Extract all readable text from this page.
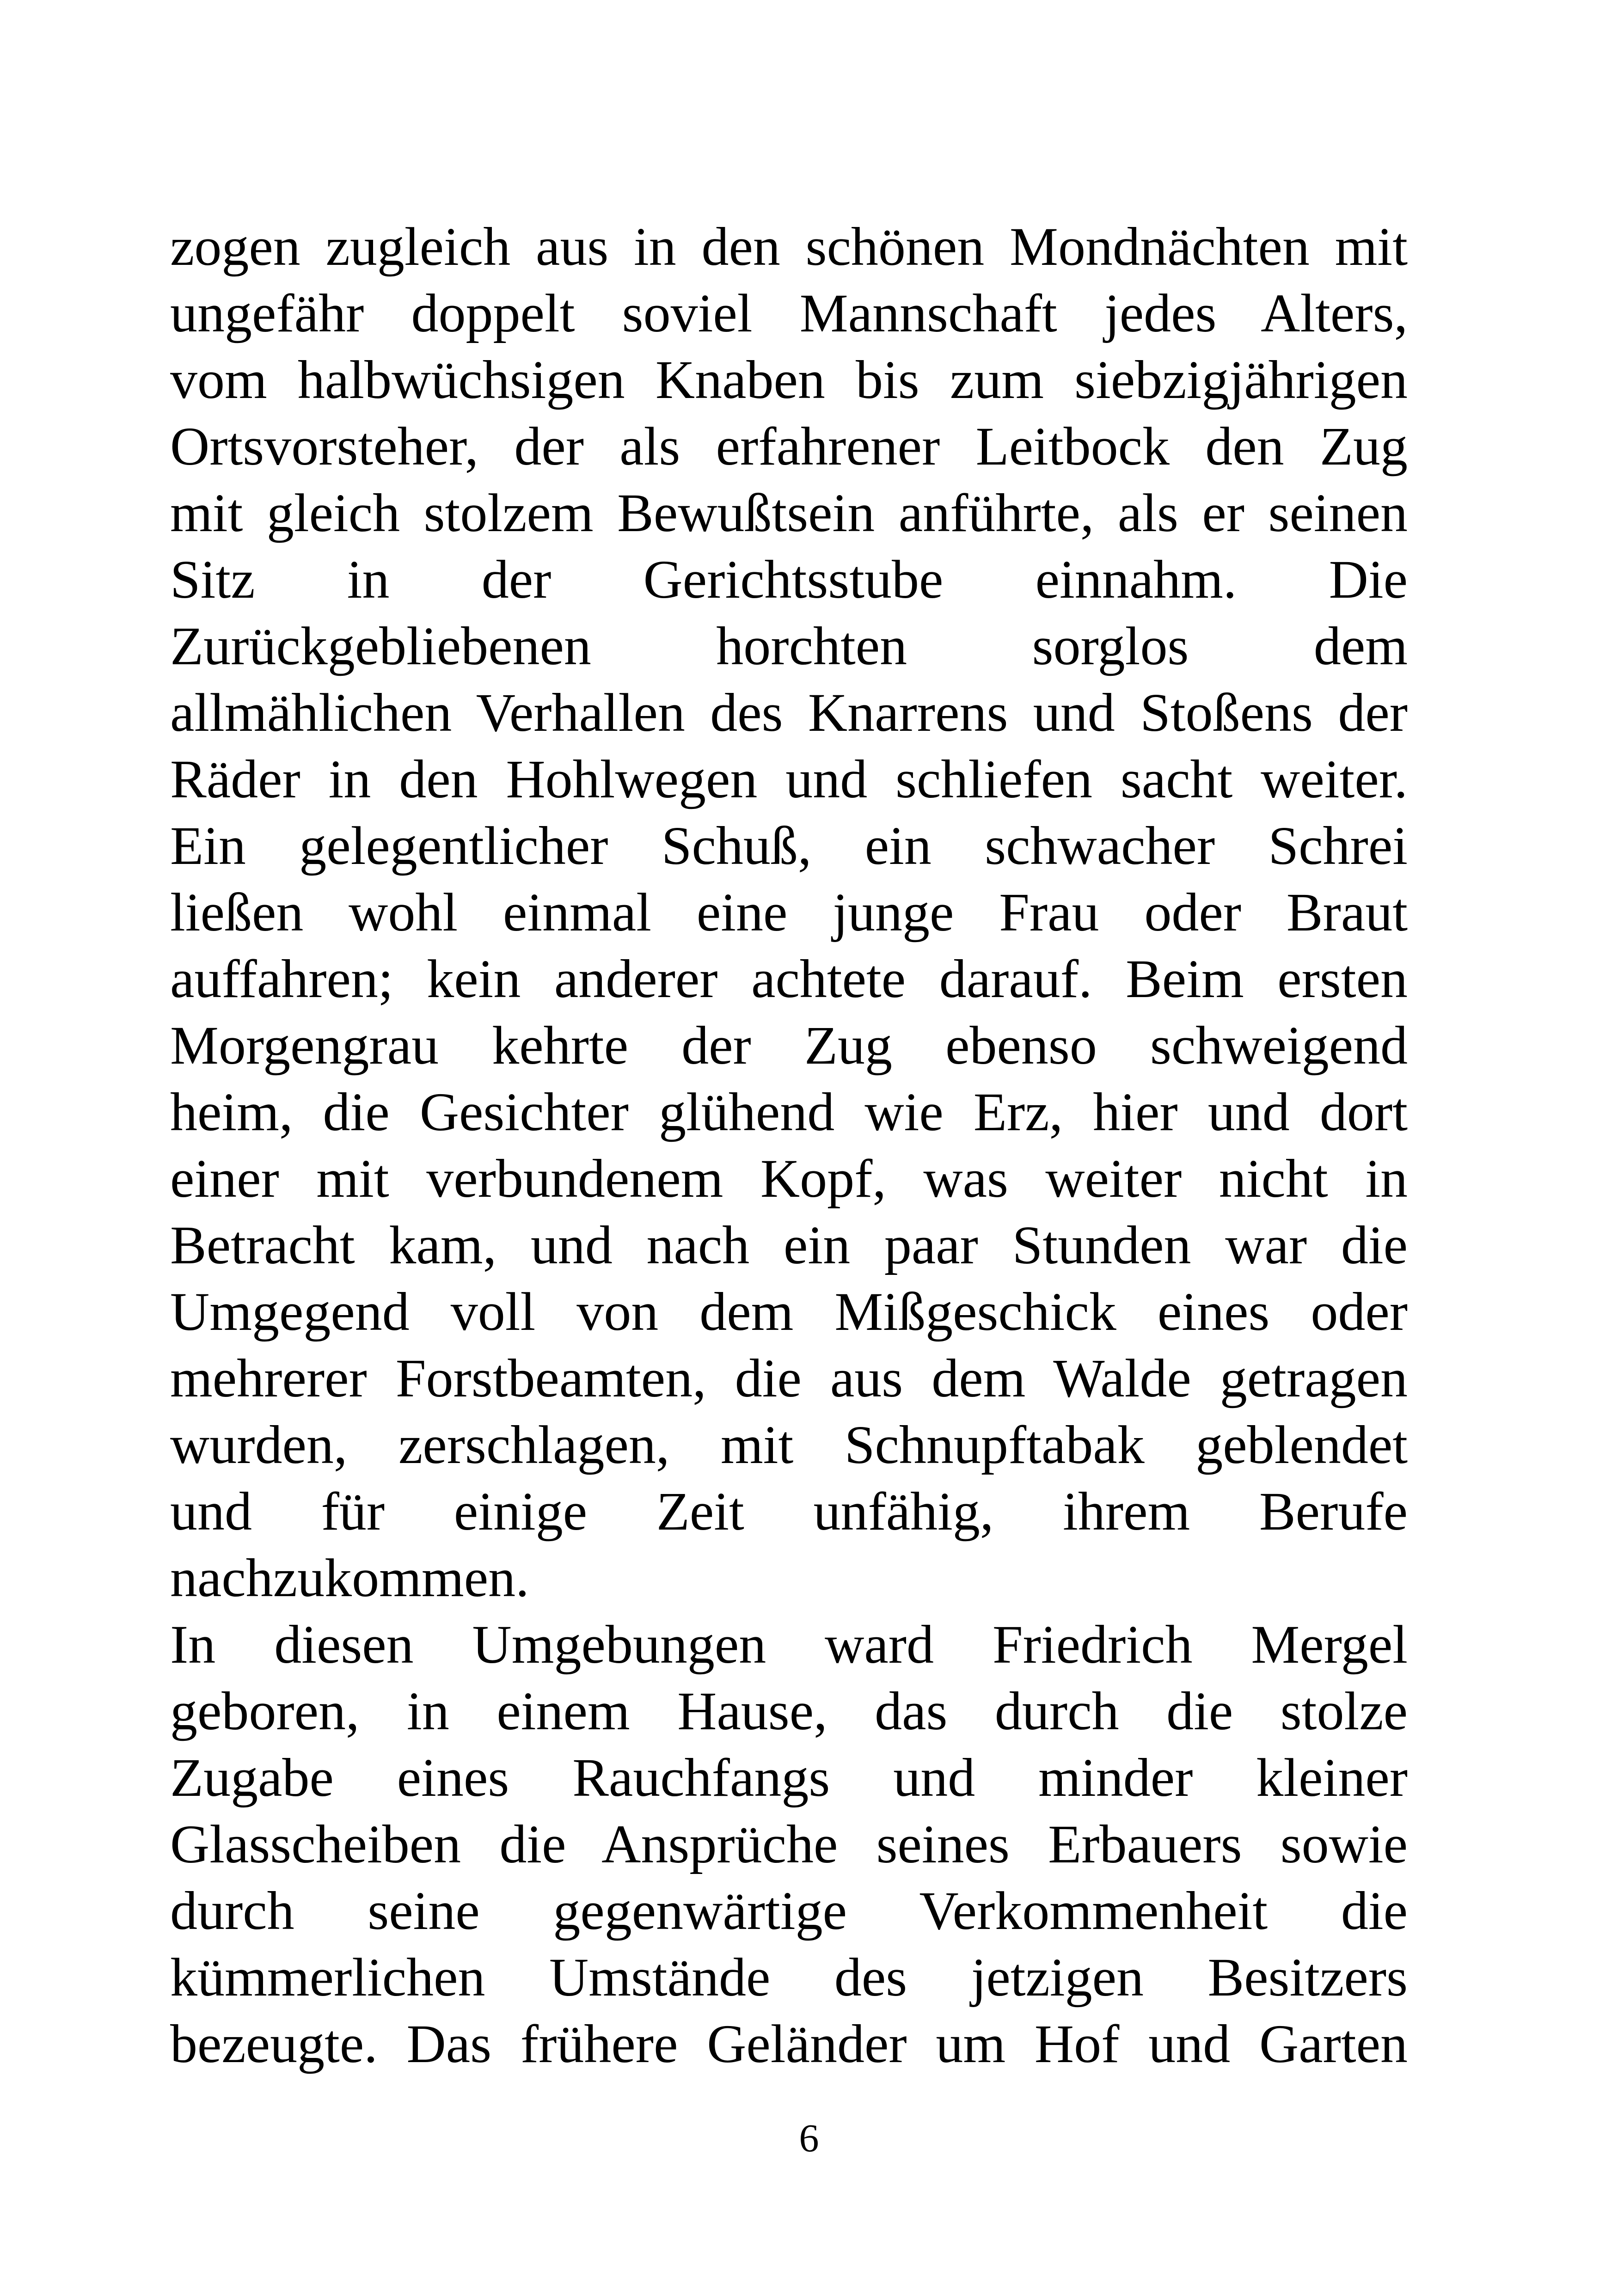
zogen zugleich aus in den schönen Mondnächten mit
ungefähr doppelt soviel Mannschaft jedes Alters,
vom halbwüchsigen Knaben bis zum siebzigjährigen
Ortsvorsteher, der als erfahrener Leitbock den Zug
mit gleich stolzem Bewußtsein anführte, als er seinen
Sitz in der Gerichtsstube einnahm. Die
Zurückgebliebenen horchten sorglos dem
allmählichen Verhallen des Knarrens und Stoßens der
Räder in den Hohlwegen und schliefen sacht weiter.
Ein gelegentlicher Schuß, ein schwacher Schrei
ließen wohl einmal eine junge Frau oder Braut
auffahren; kein anderer achtete darauf. Beim ersten
Morgengrau kehrte der Zug ebenso schweigend
heim, die Gesichter glühend wie Erz, hier und dort
einer mit verbundenem Kopf, was weiter nicht in
Betracht kam, und nach ein paar Stunden war die
Umgegend voll von dem Mißgeschick eines oder
mehrerer Forstbeamten, die aus dem Walde getragen
wurden, zerschlagen, mit Schnupftabak geblendet
und für einige Zeit unfähig, ihrem Berufe
nachzukommen.
In diesen Umgebungen ward Friedrich Mergel
geboren, in einem Hause, das durch die stolze
Zugabe eines Rauchfangs und minder kleiner
Glasscheiben die Ansprüche seines Erbauers sowie
durch seine gegenwärtige Verkommenheit die
kümmerlichen Umstände des jetzigen Besitzers
bezeugte. Das frühere Geländer um Hof und Garten
6
